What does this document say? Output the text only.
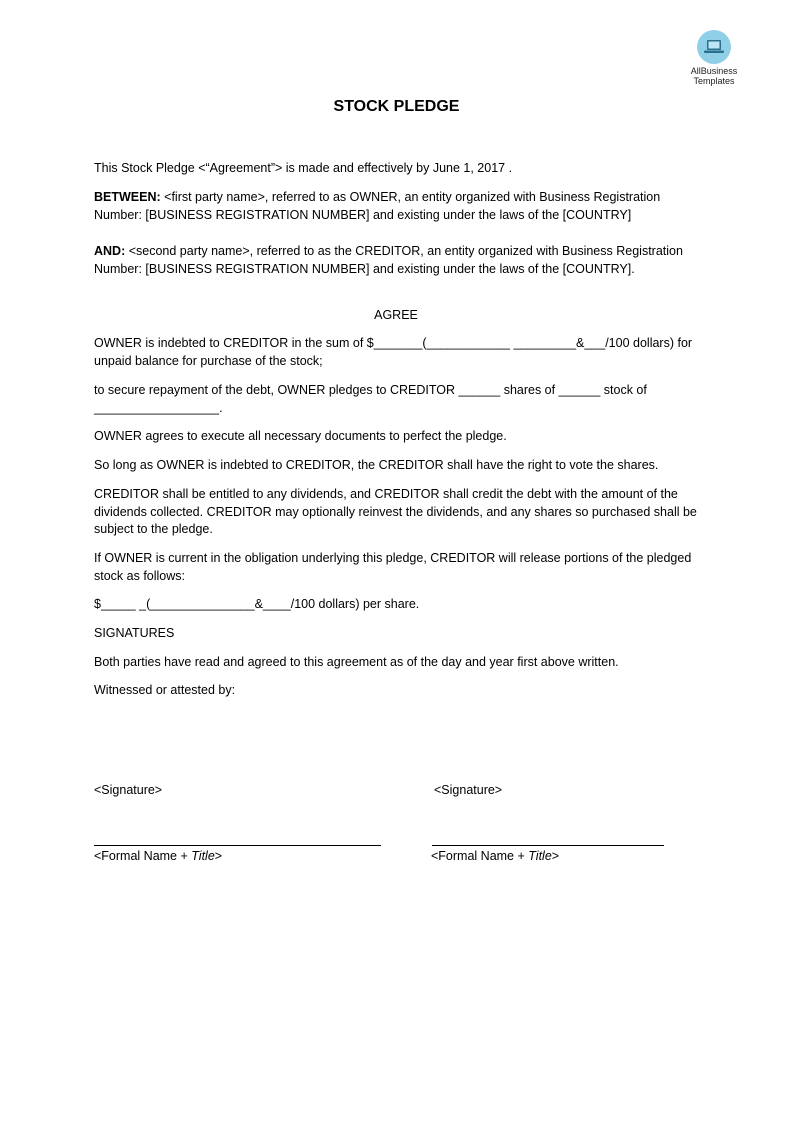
AllBusiness
Templates
STOCK PLEDGE
This Stock Pledge <“Agreement”> is made and effectively by June 1, 2017 .
BETWEEN: <first party name>, referred to as OWNER, an entity organized with Business Registration Number: [BUSINESS REGISTRATION NUMBER] and existing under the laws of the [COUNTRY]
AND: <second party name>, referred to as the CREDITOR, an entity organized with Business Registration Number: [BUSINESS REGISTRATION NUMBER] and existing under the laws of the [COUNTRY].
AGREE
OWNER is indebted to CREDITOR in the sum of $_______(____________ _________&___/100 dollars) for unpaid balance for purchase of the stock;
to secure repayment of the debt, OWNER pledges to CREDITOR ______ shares of ______ stock of __________________.
OWNER agrees to execute all necessary documents to perfect the pledge.
So long as OWNER is indebted to CREDITOR, the CREDITOR shall have the right to vote the shares.
CREDITOR shall be entitled to any dividends, and CREDITOR shall credit the debt with the amount of the dividends collected. CREDITOR may optionally reinvest the dividends, and any shares so purchased shall be subject to the pledge.
If OWNER is current in the obligation underlying this pledge, CREDITOR will release portions of the pledged stock as follows:
$_____ _(_______________&____/100 dollars) per share.
SIGNATURES
Both parties have read and agreed to this agreement as of the day and year first above written.
Witnessed or attested by:
<Signature>	<Signature>
<Formal Name + Title>	<Formal Name + Title>
